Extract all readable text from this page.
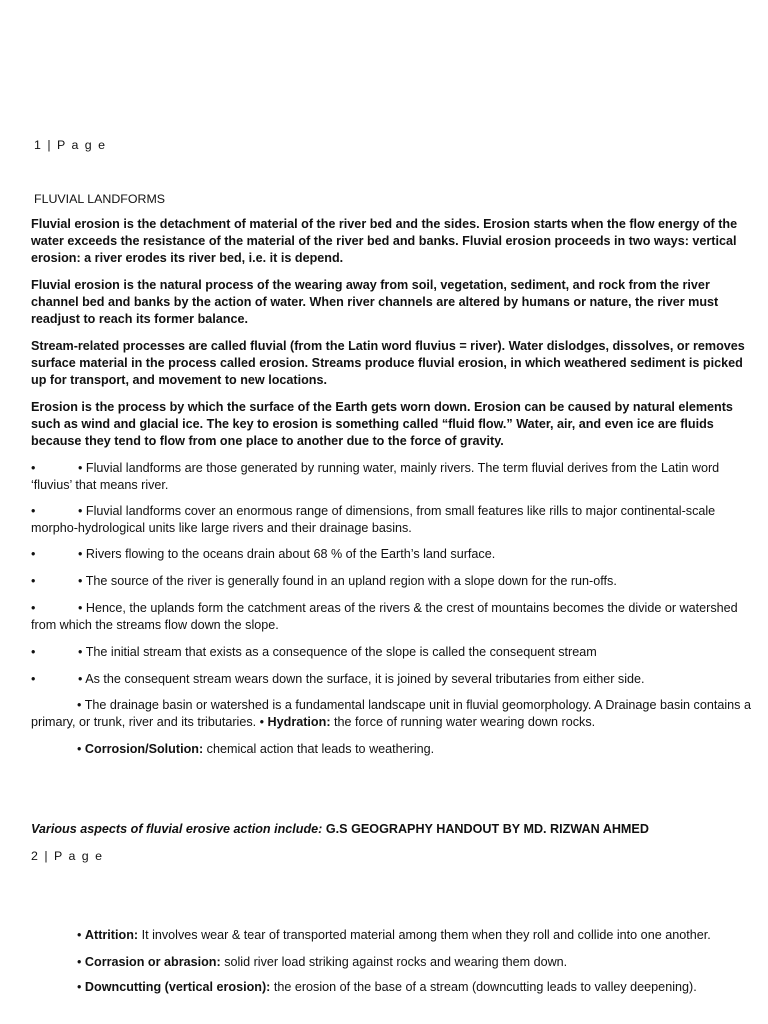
1 | P a g e
FLUVIAL LANDFORMS

Fluvial erosion is the detachment of material of the river bed and the sides. Erosion starts when the flow energy of the water exceeds the resistance of the material of the river bed and banks. Fluvial erosion proceeds in two ways: vertical erosion: a river erodes its river bed, i.e. it is depend.

Fluvial erosion is the natural process of the wearing away from soil, vegetation, sediment, and rock from the river channel bed and banks by the action of water. When river channels are altered by humans or nature, the river must readjust to reach its former balance.

Stream-related processes are called fluvial (from the Latin word fluvius = river). Water dislodges, dissolves, or removes surface material in the process called erosion. Streams produce fluvial erosion, in which weathered sediment is picked up for transport, and movement to new locations.

Erosion is the process by which the surface of the Earth gets worn down. Erosion can be caused by natural elements such as wind and glacial ice. The key to erosion is something called “fluid flow.” Water, air, and even ice are fluids because they tend to flow from one place to another due to the force of gravity.

•	• Fluvial landforms are those generated by running water, mainly rivers. The term fluvial derives from the Latin word ‘fluvius’ that means river.

•	• Fluvial landforms cover an enormous range of dimensions, from small features like rills to major continental-scale morpho-hydrological units like large rivers and their drainage basins.

•	• Rivers flowing to the oceans drain about 68 % of the Earth’s land surface.

•	• The source of the river is generally found in an upland region with a slope down for the run-offs.

•	• Hence, the uplands form the catchment areas of the rivers & the crest of mountains becomes the divide or watershed from which the streams flow down the slope.

•	• The initial stream that exists as a consequence of the slope is called the consequent stream

•	• As the consequent stream wears down the surface, it is joined by several tributaries from either side.

• The drainage basin or watershed is a fundamental landscape unit in fluvial geomorphology. A Drainage basin contains a primary, or trunk, river and its tributaries. • Hydration: the force of running water wearing down rocks.

• Corrosion/Solution: chemical action that leads to weathering.

Various aspects of fluvial erosive action include: G.S GEOGRAPHY HANDOUT BY MD. RIZWAN AHMED

2 | P a g e

• Attrition: It involves wear & tear of transported material among them when they roll and collide into one another.

• Corrasion or abrasion: solid river load striking against rocks and wearing them down.

• Downcutting (vertical erosion): the erosion of the base of a stream (downcutting leads to valley deepening).
